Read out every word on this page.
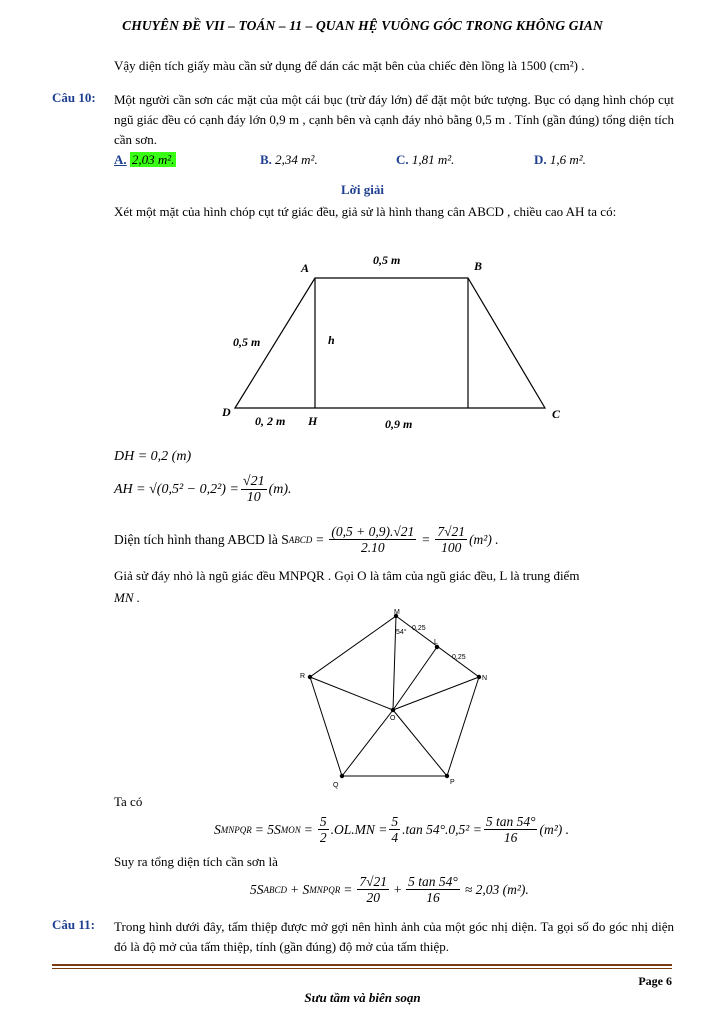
CHUYÊN ĐỀ VII – TOÁN – 11 – QUAN HỆ VUÔNG GÓC TRONG KHÔNG GIAN
Vậy diện tích giấy màu cần sử dụng để dán các mặt bên của chiếc đèn lồng là 1500 (cm²) .
Câu 10: Một người cần sơn các mặt của một cái bục (trừ đáy lớn) để đặt một bức tượng. Bục có dạng hình chóp cụt ngũ giác đều có cạnh đáy lớn 0,9 m , cạnh bên và cạnh đáy nhỏ bằng 0,5 m . Tính (gần đúng) tổng diện tích cần sơn.
A. 2,03 m².	B. 2,34 m².	C. 1,81 m².	D. 1,6 m².
Lời giải
Xét một mặt của hình chóp cụt tứ giác đều, giả sử là hình thang cân ABCD , chiều cao AH ta có:
A	B
C
D
H
0,5 m
0,5 m	h
0, 2 m	0,9 m
DH = 0,2 (m)
AH = $√(0,5^2 - 0,2^2) = \frac{√21}{10} (m)$.
Diện tích hình thang ABCD là S ABCD = $\frac{(0,5 + 0,9).√21}{2.10} = \frac{7√21}{100} (m^2)$ .
Giả sử đáy nhỏ là ngũ giác đều MNPQR . Gọi O là tâm của ngũ giác đều, L là trung điểm
MN .
M
N
P
Q
R
O
L
54°
0,25
0,25
Ta có
S MNPQR = 5S MON = $\frac{5}{2} .OL.MN = \frac{5}{4} .\tan$ $54^\circ.0,5^2 = \frac{5 \tan 54^\circ}{16} (m^2)$ .
Suy ra tổng diện tích cần sơn là
5S ABCD + S MNPQR = $\frac{7√21}{20} + \frac{5 \tan 54^\circ}{16} \approx 2,03$ (m²).
Câu 11: Trong hình dưới đây, tấm thiệp được mở gợi nên hình ảnh của một góc nhị diện. Ta gọi số đo góc nhị diện đó là độ mở của tấm thiệp, tính (gần đúng) độ mở của tấm thiệp.
Page 6
Sưu tầm và biên soạn
